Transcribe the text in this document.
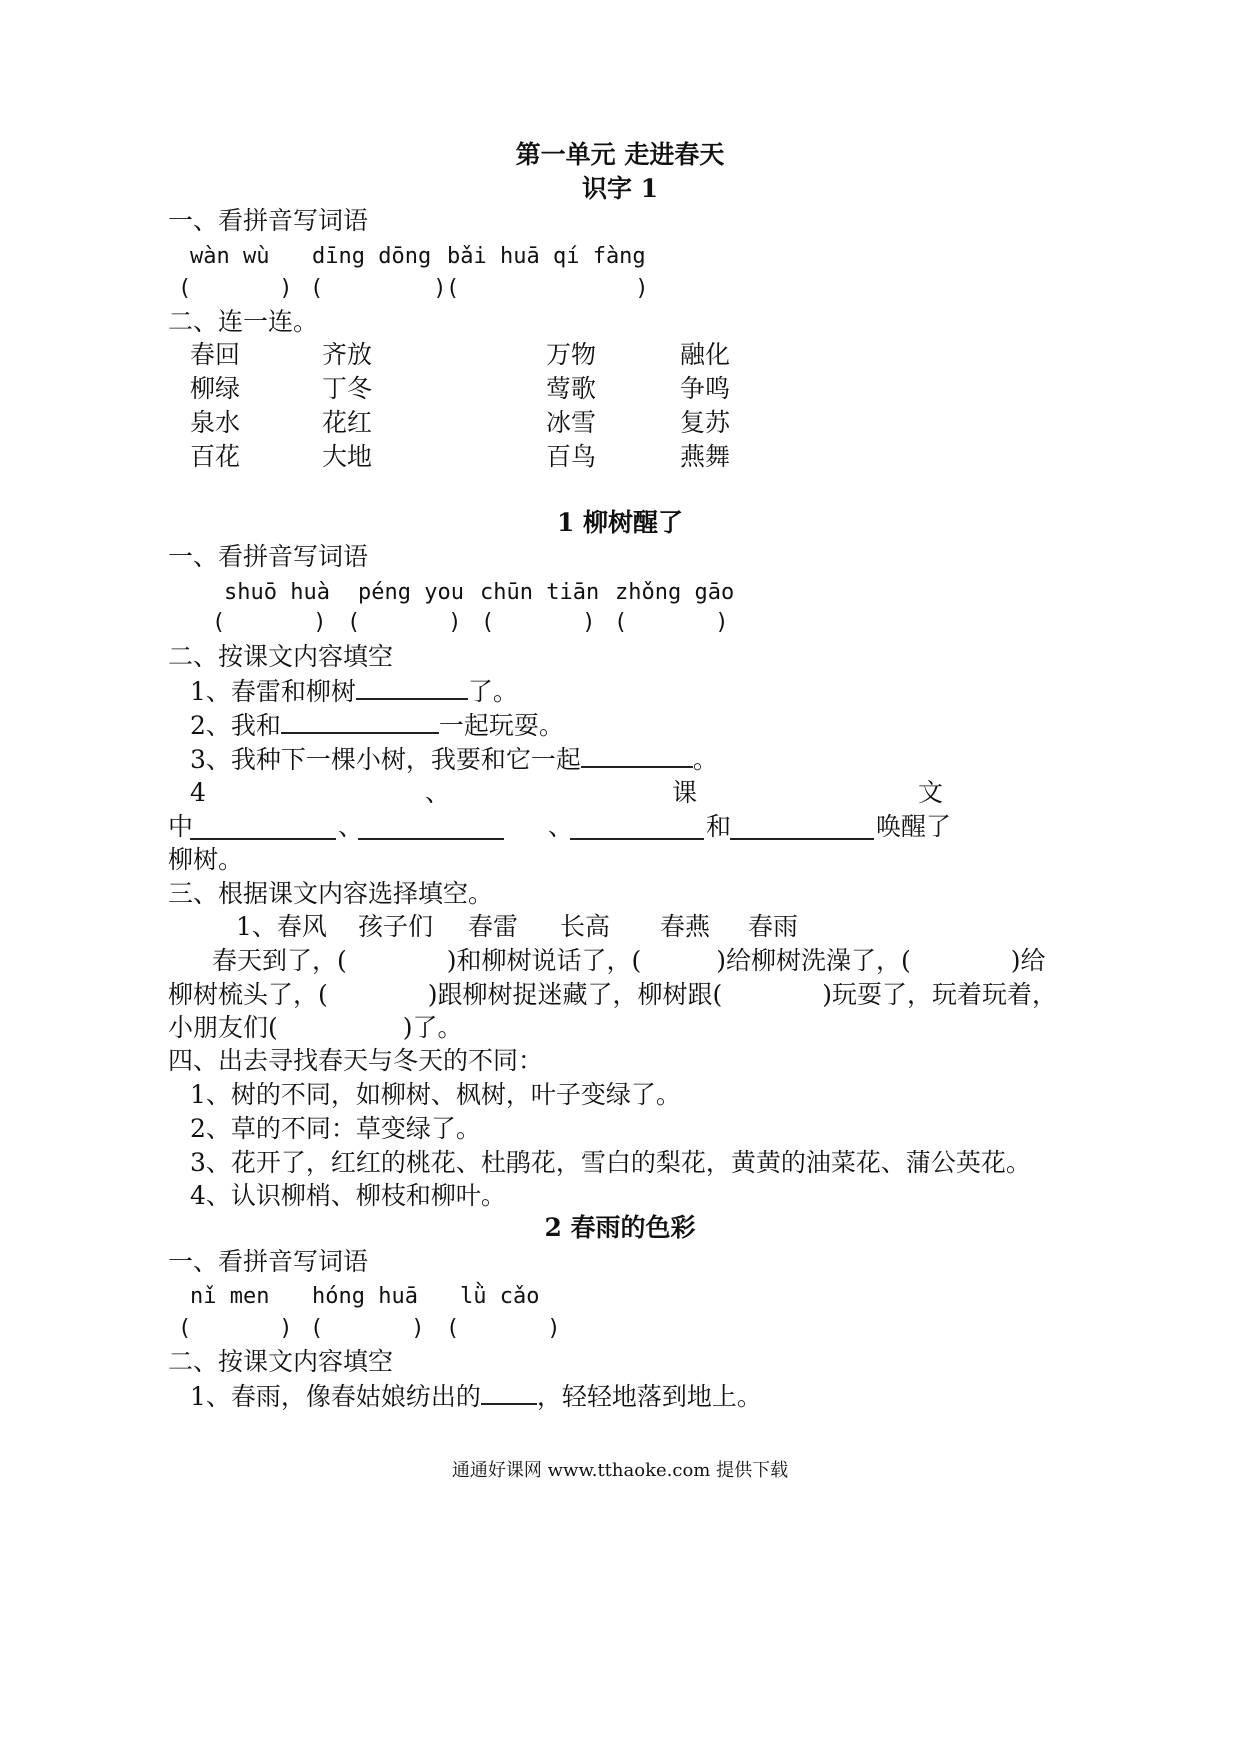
第一单元 走进春天
识字 1
一、看拼音写词语
wàn wù dīng dōng bǎi huā qí fàng
(　　　　) (　　　　　) (　　　　　　　　)
二、连一连。
春回	齐放	万物	融化
柳绿	丁冬	莺歌	争鸣
泉水	花红	冰雪	复苏
百花	大地	百鸟	燕舞
1 柳树醒了
一、看拼音写词语
shuō huà péng you chūn tiān zhǒng gāo
(　　　　) (　　　　) (　　　　) (　　　　)
二、按课文内容填空
1、春雷和柳树	了。
2、我和	一起玩耍。
3、我种下一棵小树，我要和它一起	。
4	、	课	文
中	、	、	和	唤醒了
柳树。
三、根据课文内容选择填空。
1、春风 孩子们 春雷 长高 春燕 春雨
春天到了，(　　　　)和柳树说话了，(　　　)给柳树洗澡了，(　　　　)给
柳树梳头了，(　　　　)跟柳树捉迷藏了，柳树跟(　　　　)玩耍了，玩着玩着，
小朋友们(　　　　　)了。
四、出去寻找春天与冬天的不同：
1、树的不同，如柳树、枫树，叶子变绿了。
2、草的不同：草变绿了。
3、花开了，红红的桃花、杜鹃花，雪白的梨花，黄黄的油菜花、蒲公英花。
4、认识柳梢、柳枝和柳叶。
2 春雨的色彩
一、看拼音写词语
nǐ men hóng huā lǜ cǎo
(　　　　) (　　　　) (　　　　)
二、按课文内容填空
1、春雨，像春姑娘纺出的 ，轻轻地落到地上。
通通好课网 www.tthaoke.com 提供下载
